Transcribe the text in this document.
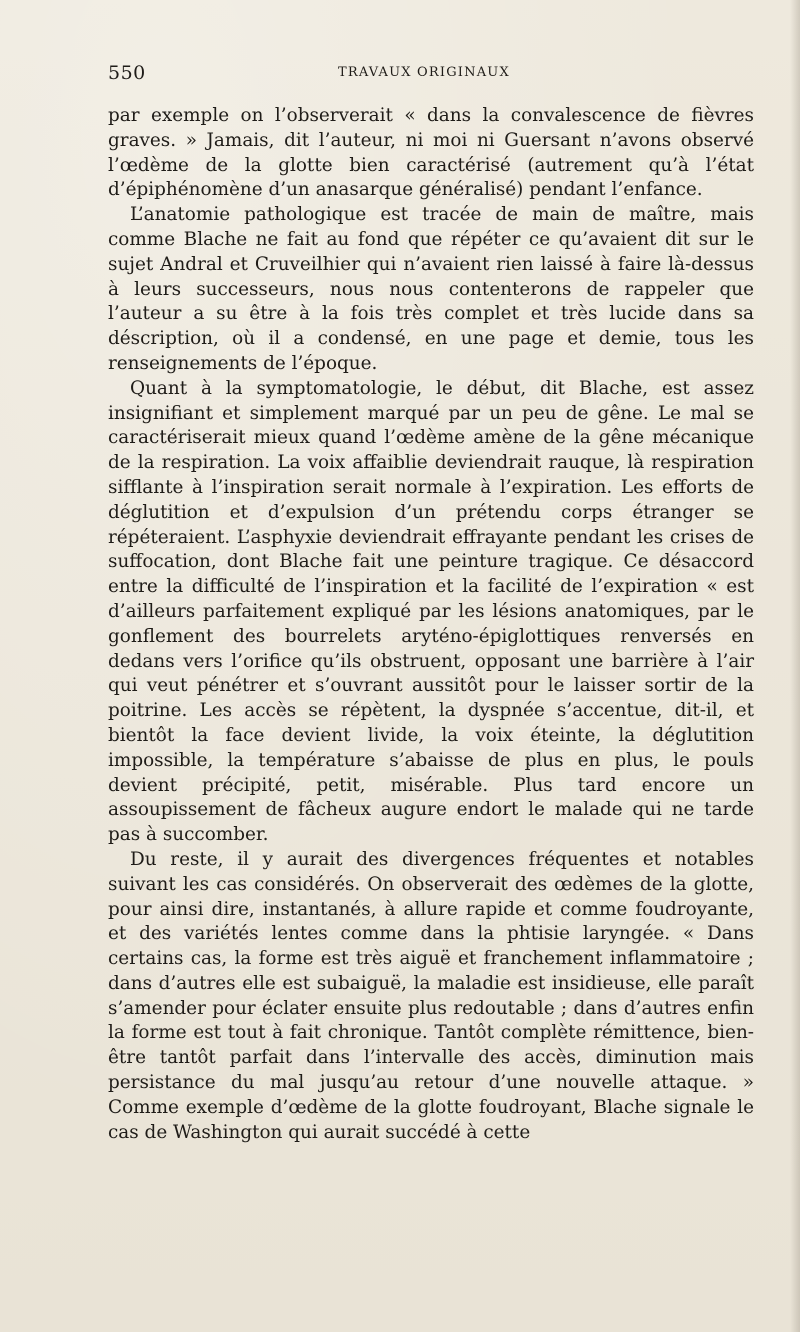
550	TRAVAUX ORIGINAUX

par exemple on l’observerait « dans la convalescence de fièvres graves. » Jamais, dit l’auteur, ni moi ni Guersant n’avons observé l’œdème de la glotte bien caractérisé (autrement qu’à l’état d’épiphénomène d’un anasarque généralisé) pendant l’enfance.

L’anatomie pathologique est tracée de main de maître, mais comme Blache ne fait au fond que répéter ce qu’avaient dit sur le sujet Andral et Cruveilhier qui n’avaient rien laissé à faire là-dessus à leurs successeurs, nous nous contenterons de rappeler que l’auteur a su être à la fois très complet et très lucide dans sa déscription, où il a condensé, en une page et demie, tous les renseignements de l’époque.

Quant à la symptomatologie, le début, dit Blache, est assez insignifiant et simplement marqué par un peu de gêne. Le mal se caractériserait mieux quand l’œdème amène de la gêne mécanique de la respiration. La voix affaiblie deviendrait rauque, là respiration sifflante à l’inspiration serait normale à l’expiration. Les efforts de déglutition et d’expulsion d’un prétendu corps étranger se répéteraient. L’asphyxie deviendrait effrayante pendant les crises de suffocation, dont Blache fait une peinture tragique. Ce désaccord entre la difficulté de l’inspiration et la facilité de l’expiration « est d’ailleurs parfaitement expliqué par les lésions anatomiques, par le gonflement des bourrelets aryténo-épiglottiques renversés en dedans vers l’orifice qu’ils obstruent, opposant une barrière à l’air qui veut pénétrer et s’ouvrant aussitôt pour le laisser sortir de la poitrine. Les accès se répètent, la dyspnée s’accentue, dit-il, et bientôt la face devient livide, la voix éteinte, la déglutition impossible, la température s’abaisse de plus en plus, le pouls devient précipité, petit, misérable. Plus tard encore un assoupissement de fâcheux augure endort le malade qui ne tarde pas à succomber.

Du reste, il y aurait des divergences fréquentes et notables suivant les cas considérés. On observerait des œdèmes de la glotte, pour ainsi dire, instantanés, à allure rapide et comme foudroyante, et des variétés lentes comme dans la phtisie laryngée. « Dans certains cas, la forme est très aiguë et franchement inflammatoire ; dans d’autres elle est subaiguë, la maladie est insidieuse, elle paraît s’amender pour éclater ensuite plus redoutable ; dans d’autres enfin la forme est tout à fait chronique. Tantôt complète rémittence, bien-être tantôt parfait dans l’intervalle des accès, diminution mais persistance du mal jusqu’au retour d’une nouvelle attaque. » Comme exemple d’œdème de la glotte foudroyant, Blache signale le cas de Washington qui aurait succédé à cette
